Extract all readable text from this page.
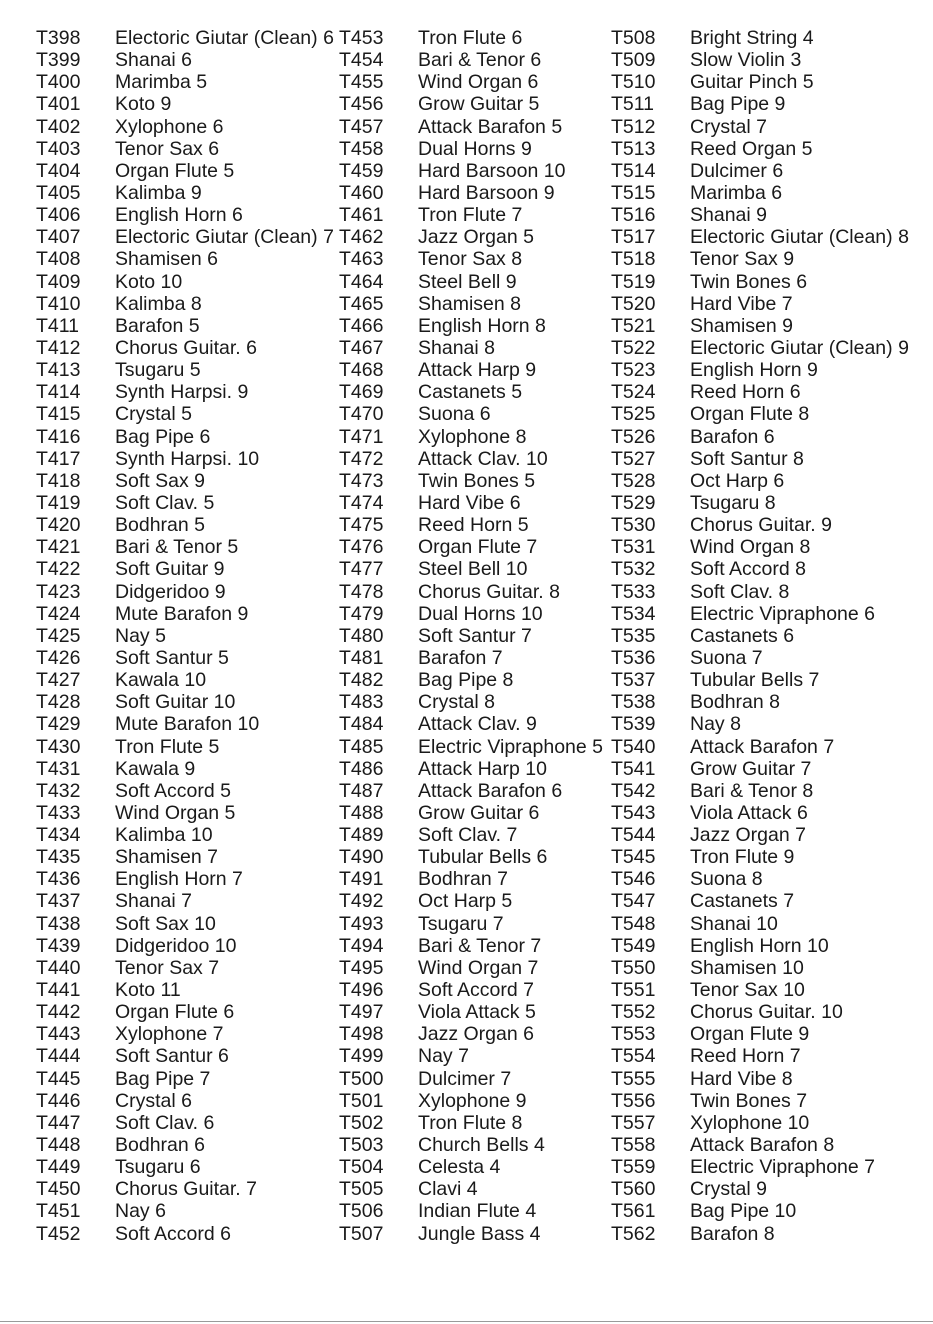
T398 Electoric Giutar (Clean) 6
T399 Shanai 6
T400 Marimba 5
T401 Koto 9
T402 Xylophone 6
T403 Tenor Sax 6
T404 Organ Flute 5
T405 Kalimba 9
T406 English Horn 6
T407 Electoric Giutar (Clean) 7
T408 Shamisen 6
T409 Koto 10
T410 Kalimba 8
T411 Barafon 5
T412 Chorus Guitar. 6
T413 Tsugaru 5
T414 Synth Harpsi. 9
T415 Crystal 5
T416 Bag Pipe 6
T417 Synth Harpsi. 10
T418 Soft Sax 9
T419 Soft Clav. 5
T420 Bodhran 5
T421 Bari & Tenor 5
T422 Soft Guitar 9
T423 Didgeridoo 9
T424 Mute Barafon 9
T425 Nay 5
T426 Soft Santur 5
T427 Kawala 10
T428 Soft Guitar 10
T429 Mute Barafon 10
T430 Tron Flute 5
T431 Kawala 9
T432 Soft Accord 5
T433 Wind Organ 5
T434 Kalimba 10
T435 Shamisen 7
T436 English Horn 7
T437 Shanai 7
T438 Soft Sax 10
T439 Didgeridoo 10
T440 Tenor Sax 7
T441 Koto 11
T442 Organ Flute 6
T443 Xylophone 7
T444 Soft Santur 6
T445 Bag Pipe 7
T446 Crystal 6
T447 Soft Clav. 6
T448 Bodhran 6
T449 Tsugaru 6
T450 Chorus Guitar. 7
T451 Nay 6
T452 Soft Accord 6
T453 Tron Flute 6
T454 Bari & Tenor 6
T455 Wind Organ 6
T456 Grow Guitar 5
T457 Attack Barafon 5
T458 Dual Horns 9
T459 Hard Barsoon 10
T460 Hard Barsoon 9
T461 Tron Flute 7
T462 Jazz Organ 5
T463 Tenor Sax 8
T464 Steel Bell 9
T465 Shamisen 8
T466 English Horn 8
T467 Shanai 8
T468 Attack Harp 9
T469 Castanets 5
T470 Suona 6
T471 Xylophone 8
T472 Attack Clav. 10
T473 Twin Bones 5
T474 Hard Vibe 6
T475 Reed Horn 5
T476 Organ Flute 7
T477 Steel Bell 10
T478 Chorus Guitar. 8
T479 Dual Horns 10
T480 Soft Santur 7
T481 Barafon 7
T482 Bag Pipe 8
T483 Crystal 8
T484 Attack Clav. 9
T485 Electric Vipraphone 5
T486 Attack Harp 10
T487 Attack Barafon 6
T488 Grow Guitar 6
T489 Soft Clav. 7
T490 Tubular Bells 6
T491 Bodhran 7
T492 Oct Harp 5
T493 Tsugaru 7
T494 Bari & Tenor 7
T495 Wind Organ 7
T496 Soft Accord 7
T497 Viola Attack 5
T498 Jazz Organ 6
T499 Nay 7
T500 Dulcimer 7
T501 Xylophone 9
T502 Tron Flute 8
T503 Church Bells 4
T504 Celesta 4
T505 Clavi 4
T506 Indian Flute 4
T507 Jungle Bass 4
T508 Bright String 4
T509 Slow Violin 3
T510 Guitar Pinch 5
T511 Bag Pipe 9
T512 Crystal 7
T513 Reed Organ 5
T514 Dulcimer 6
T515 Marimba 6
T516 Shanai 9
T517 Electoric Giutar (Clean) 8
T518 Tenor Sax 9
T519 Twin Bones 6
T520 Hard Vibe 7
T521 Shamisen 9
T522 Electoric Giutar (Clean) 9
T523 English Horn 9
T524 Reed Horn 6
T525 Organ Flute 8
T526 Barafon 6
T527 Soft Santur 8
T528 Oct Harp 6
T529 Tsugaru 8
T530 Chorus Guitar. 9
T531 Wind Organ 8
T532 Soft Accord 8
T533 Soft Clav. 8
T534 Electric Vipraphone 6
T535 Castanets 6
T536 Suona 7
T537 Tubular Bells 7
T538 Bodhran 8
T539 Nay 8
T540 Attack Barafon 7
T541 Grow Guitar 7
T542 Bari & Tenor 8
T543 Viola Attack 6
T544 Jazz Organ 7
T545 Tron Flute 9
T546 Suona 8
T547 Castanets 7
T548 Shanai 10
T549 English Horn 10
T550 Shamisen 10
T551 Tenor Sax 10
T552 Chorus Guitar. 10
T553 Organ Flute 9
T554 Reed Horn 7
T555 Hard Vibe 8
T556 Twin Bones 7
T557 Xylophone 10
T558 Attack Barafon 8
T559 Electric Vipraphone 7
T560 Crystal 9
T561 Bag Pipe 10
T562 Barafon 8
